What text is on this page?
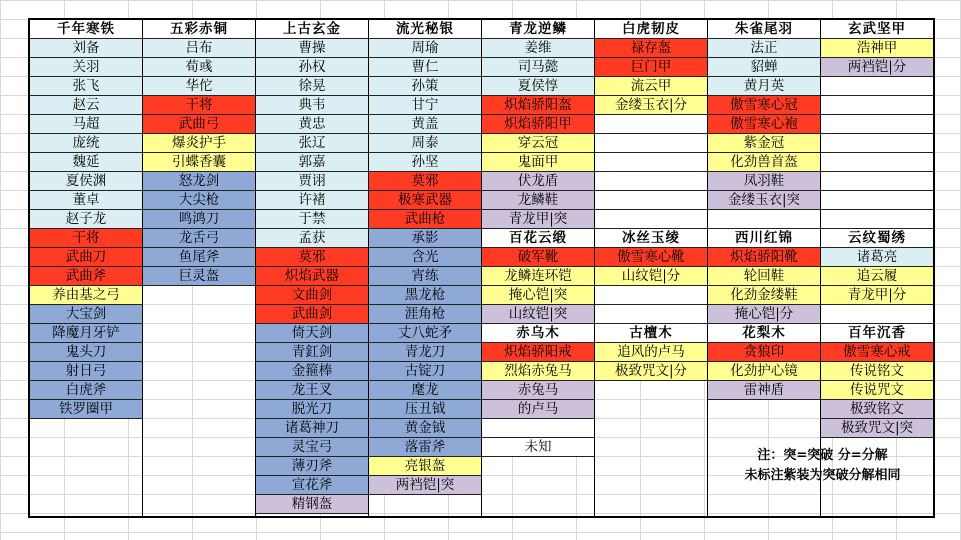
千年寒铁
刘备
关羽
张飞
赵云
马超
庞统
魏延
夏侯渊
董卓
赵子龙
干将
武曲刀
武曲斧
养由基之弓
大宝剑
降魔月牙铲
鬼头刀
射日弓
白虎斧
铁罗圈甲
五彩赤铜
吕布
荀彧
华佗
干将
武曲弓
爆炎护手
引蝶香囊
怒龙剑
大尖枪
鸣鸿刀
龙舌弓
鱼尾斧
巨灵盔
上古玄金
曹操
孙权
徐晃
典韦
黄忠
张辽
郭嘉
贾诩
许褚
于禁
孟获
莫邪
炽焰武器
文曲剑
武曲剑
倚天剑
青釭剑
金箍棒
龙王叉
脱光刀
诸葛神刀
灵宝弓
薄刃斧
宣花斧
精钢盔
流光秘银
周瑜
曹仁
孙策
甘宁
黄盖
周泰
孙坚
莫邪
极寒武器
武曲枪
承影
含光
宵练
黑龙枪
涯角枪
丈八蛇矛
青龙刀
古锭刀
麾龙
压丑钺
黄金钺
落雷斧
亮银盔
两裆铠|突
青龙逆鳞
姜维
司马懿
夏侯惇
炽焰骄阳盔
炽焰骄阳甲
穿云冠
鬼面甲
伏龙盾
龙鳞鞋
青龙甲|突
百花云缎
破军靴
龙鳞连环铠
掩心铠|突
山纹铠|突
赤乌木
炽焰骄阳戒
烈焰赤兔马
赤兔马
的卢马
未知
白虎韧皮
禄存盔
巨门甲
流云甲
金缕玉衣|分
冰丝玉绫
傲雪寒心靴
山纹铠|分
古檀木
追风的卢马
极致咒文|分
朱雀尾羽
法正
貂蝉
黄月英
傲雪寒心冠
傲雪寒心袍
紫金冠
化劲兽首盔
凤羽鞋
金缕玉衣|突
西川红锦
炽焰骄阳靴
轮回鞋
化劲金缕鞋
掩心铠|分
花梨木
贪狼印
化劲护心镜
雷神盾
玄武坚甲
浩神甲
两裆铠|分
云纹蜀绣
诸葛亮
追云履
青龙甲|分
百年沉香
傲雪寒心戒
传说铭文
传说咒文
极致铭文
极致咒文|突
注：突=突破 分=分解
未标注紫装为突破分解相同
